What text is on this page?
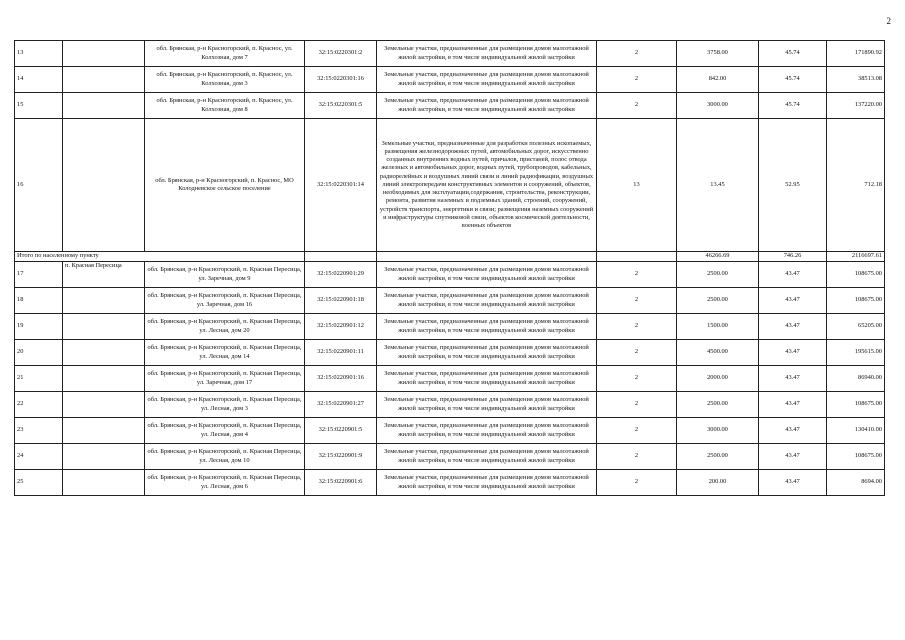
2
13		обл. Брянская, р-н Красногорский, п. Краснос, ул. Колхозная, дом 7	32:15:0220301:2	Земельные участки, предназначенные для размещения домов малоэтажной жилой застройки, в том числе индивидуальной жилой застройки	2	3758.00	45.74	171890.92
14		обл. Брянская, р-н Красногорский, п. Краснос, ул. Колхозная, дом 3	32:15:0220301:16	Земельные участки, предназначенные для размещения домов малоэтажной жилой застройки, в том числе индивидуальной жилой застройки	2	842.00	45.74	38513.08
15		обл. Брянская, р-н Красногорский, п. Краснос, ул. Колхозная, дом 8	32:15:0220301:5	Земельные участки, предназначенные для размещения домов малоэтажной жилой застройки, в том числе индивидуальной жилой застройки	2	3000.00	45.74	137220.00
16		обл. Брянская, р-н Красногорский, п. Краснос, МО Колодневское сельское поселение	32:15:0220301:14	Земельные участки, предназначенные для разработки полезных ископаемых, размещения железнодорожных путей, автомобильных дорог, искусственно созданных внутренних водных путей, причалов, пристаней, полос отвода железных и автомобильных дорог, водных путей, трубопроводов, кабельных, радиорелейных и воздушных линий связи и линий радиофикации, воздушных линий электропередачи конструктивных элементов и сооружений, объектов, необходимых для эксплуатации,содержания, строительства, реконструкции, ремонта, развития наземных и подземных зданий, строений, сооружений, устройств транспорта, энергетики и связи; размещения наземных сооружений и инфраструктуры спутниковой связи, объектов космической деятельности, военных объектов	13	13.45	52.95	712.18
Итого по населенному пункту						46266.69	746.26	2116697.61
17	п. Красная Пересица	обл. Брянская, р-н Красногорский, п. Красная Пересица, ул. Заречная, дом 9	32:15:0220901:29	Земельные участки, предназначенные для размещения домов малоэтажной жилой застройки, в том числе индивидуальной жилой застройки	2	2500.00	43.47	108675.00
18		обл. Брянская, р-н Красногорский, п. Красная Пересица, ул. Заречная, дом 16	32:15:0220901:18	Земельные участки, предназначенные для размещения домов малоэтажной жилой застройки, в том числе индивидуальной жилой застройки	2	2500.00	43.47	108675.00
19		обл. Брянская, р-н Красногорский, п. Красная Пересица, ул. Лесная, дом 20	32:15:0220901:12	Земельные участки, предназначенные для размещения домов малоэтажной жилой застройки, в том числе индивидуальной жилой застройки	2	1500.00	43.47	65205.00
20		обл. Брянская, р-н Красногорский, п. Красная Пересица, ул. Лесная, дом 14	32:15:0220901:11	Земельные участки, предназначенные для размещения домов малоэтажной жилой застройки, в том числе индивидуальной жилой застройки	2	4500.00	43.47	195615.00
21		обл. Брянская, р-н Красногорский, п. Красная Пересица, ул. Заречная, дом 17	32:15:0220901:16	Земельные участки, предназначенные для размещения домов малоэтажной жилой застройки, в том числе индивидуальной жилой застройки	2	2000.00	43.47	86940.00
22		обл. Брянская, р-н Красногорский, п. Красная Пересица, ул. Лесная, дом 3	32:15:0220901:27	Земельные участки, предназначенные для размещения домов малоэтажной жилой застройки, в том числе индивидуальной жилой застройки	2	2500.00	43.47	108675.00
23		обл. Брянская, р-н Красногорский, п. Красная Пересица, ул. Лесная, дом 4	32:15:0220901:5	Земельные участки, предназначенные для размещения домов малоэтажной жилой застройки, в том числе индивидуальной жилой застройки	2	3000.00	43.47	130410.00
24		обл. Брянская, р-н Красногорский, п. Красная Пересица, ул. Лесная, дом 10	32:15:0220901:9	Земельные участки, предназначенные для размещения домов малоэтажной жилой застройки, в том числе индивидуальной жилой застройки	2	2500.00	43.47	108675.00
25		обл. Брянская, р-н Красногорский, п. Красная Пересица, ул. Лесная, дом 6	32:15:0220901:6	Земельные участки, предназначенные для размещения домов малоэтажной жилой застройки, в том числе индивидуальной жилой застройки	2	200.00	43.47	8694.00
